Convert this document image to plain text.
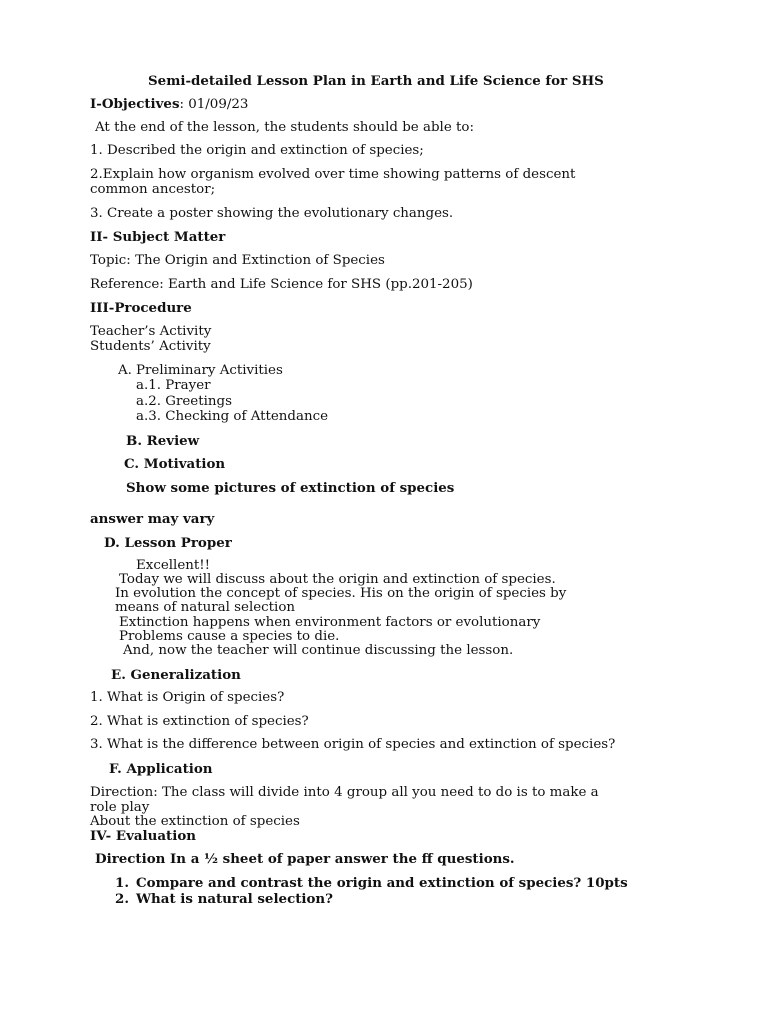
Semi-detailed Lesson Plan in Earth and Life Science for SHS
I-Objectives: 01/09/23
At the end of the lesson, the students should be able to:
1. Described the origin and extinction of species;
2.Explain how organism evolved over time showing patterns of descent
common ancestor;
3. Create a poster showing the evolutionary changes.
II- Subject Matter
Topic: The Origin and Extinction of Species
Reference: Earth and Life Science for SHS (pp.201-205)
III-Procedure
Teacher’s Activity
Students’ Activity
A. Preliminary Activities
a.1. Prayer
a.2. Greetings
a.3. Checking of Attendance
B. Review
C. Motivation
Show some pictures of extinction of species
answer may vary
D. Lesson Proper
Excellent!!
Today we will discuss about the origin and extinction of species.
In evolution the concept of species. His on the origin of species by
means of natural selection
Extinction happens when environment factors or evolutionary
Problems cause a species to die.
And, now the teacher will continue discussing the lesson.
E. Generalization
1. What is Origin of species?
2. What is extinction of species?
3. What is the difference between origin of species and extinction of species?
F. Application
Direction: The class will divide into 4 group all you need to do is to make a
role play
About the extinction of species
IV- Evaluation
Direction In a ½ sheet of paper answer the ff questions.
1. Compare and contrast the origin and extinction of species? 10pts
2. What is natural selection?
